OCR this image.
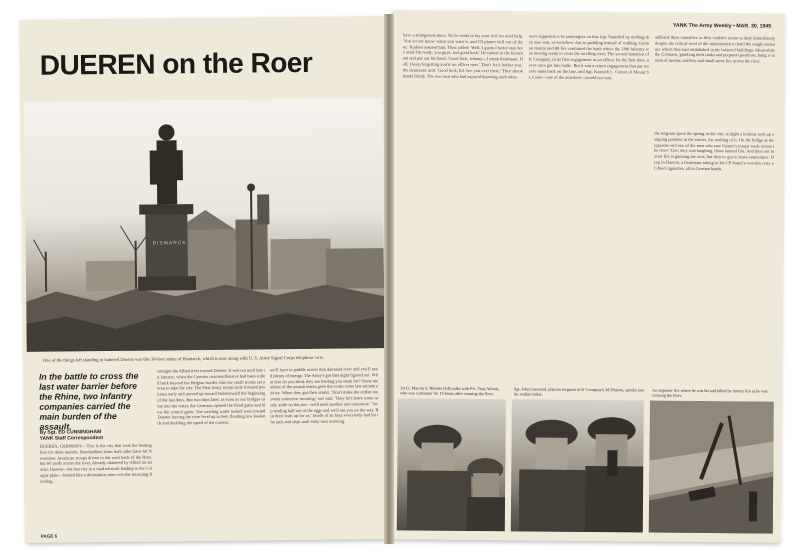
DUEREN on the Roer
BISMARCK
One of the things left standing in battered Dueren was this 30-foot statue of Bismarck, which is now along with U. S. Army Signal Corps telephone wire.
In the battle to cross the last water barrier before the Rhine, two Infantry companies carried the main burden of the assault.
By Sgt. ED CUNNINGHAM
YANK Staff Correspondent
DUEREN, GERMANY—This is the city that took the beating first for three months. Bombardiers from both sides have hit November. American troops driven to the west bank of the Roer, but 60 yards across the river. Already shattered by Allied air attacks, Dueren—the last city in a road network leading to the Cologne plain—looked like a devastation area over the incoming flooding.
stronger the Allied river toward Dueren. It was not until late in January, when the German counteroffensive had been rolled back beyond the Belgian border, that our small troops set about to take the city. The First Army troops took forward positions early and moved up toward Rubenswald the beginning of the last days. But two days later, as soon as our bridges came into the water, the Germans opened the flood gates and blew the control gates. The swirling water rushed west toward Dueren leaving the river level up to feet, flooding low lowlands and doubling the speed of the current.
we'll have to paddle across that dammed river and you'll need plenty of energy. The Army's got that night figured out. What else do you think they are feeding you steak for? Some members of the assault teams gave the cooks some last-minute advice. When they got their steaks, 'Don't make the coffee too sweet tomorrow morning,' one said. 'They let's leave some candy aside on the pot—we'll need another one tomorrow.' 'Stop reading half out of the eggs and we'll see you on the way. But don't wait up for us.' Inside of an hour everybody had hit the sack and slept until early next morning.
PAGE 6
YANK The Army Weekly • MAR. 30, 1945
have a strangeness there. No be ready to lay your in if we need help. 'You let me know when you want it, and I'll plaster hell out of them,' Kudsen assured him. Then added: 'Well, I guess I better stay here until I'm ready, you guys, and good luck.' He turned to the lieutenant and put out his hand. 'Good luck, Johnny—I mean lieutenant. Hell, I keep forgetting you're an officer now.' 'Don't let it bother you,' the lieutenant said. 'Good luck, Ed. See you over there.' They shook hands firmly. The two men who had enjoyed knowing each other.
were supposed to be passengers on that trip. Snatched by nothing they saw was, or somehow, due to paddling instead of walking. German mortar and 88 fire continued the bank where the 18th Infantry was moving ready to cross the swelling river. The second battalion of K Company, in its first engagement as an officer for the first time, never once got into battle. But it was a return engagement that put reserve units back on the line, and Sgt. Kenneth L. Cotton of Mount St. Louis—one of the attackers—would not wait.
suffered three casualties so they couldn't return to duty immediately despite the critical need of the infantrymen to hold the rough enclosure which they had established in the battered buildings. Meanwhile the Germans, grabbing their tanks and prepared positions, hung a curtain of mortar, artillery and small-arms fire across the river.
the sergeant spent the spring in the city; at night a lookout took up a sniping position in the streets, the nothing of it. On the bridge at the opposite end one of the men who saw Gustav's troops wade across the river: 'Gee, they was laughing, those darned GIs. And then our mortar fire is gunning me over, but they've got to leave sometimes.' Deep in Dueren, a lieutenant taking to his CP found a wooden crate of dried cigarettes, all in German hands.
1st Lt. Marvin S. Rhodes (left) talks with Pfc. Tony Woods, who was a prisoner for 15 hours after crossing the Roer.
Sgt. John Garwood, platoon sergeant of K Company's 3d Platoon, speaks into his walkie-talkie.
An engineer lies where he was hit and killed by mortar fire as he was crossing the Roer.
